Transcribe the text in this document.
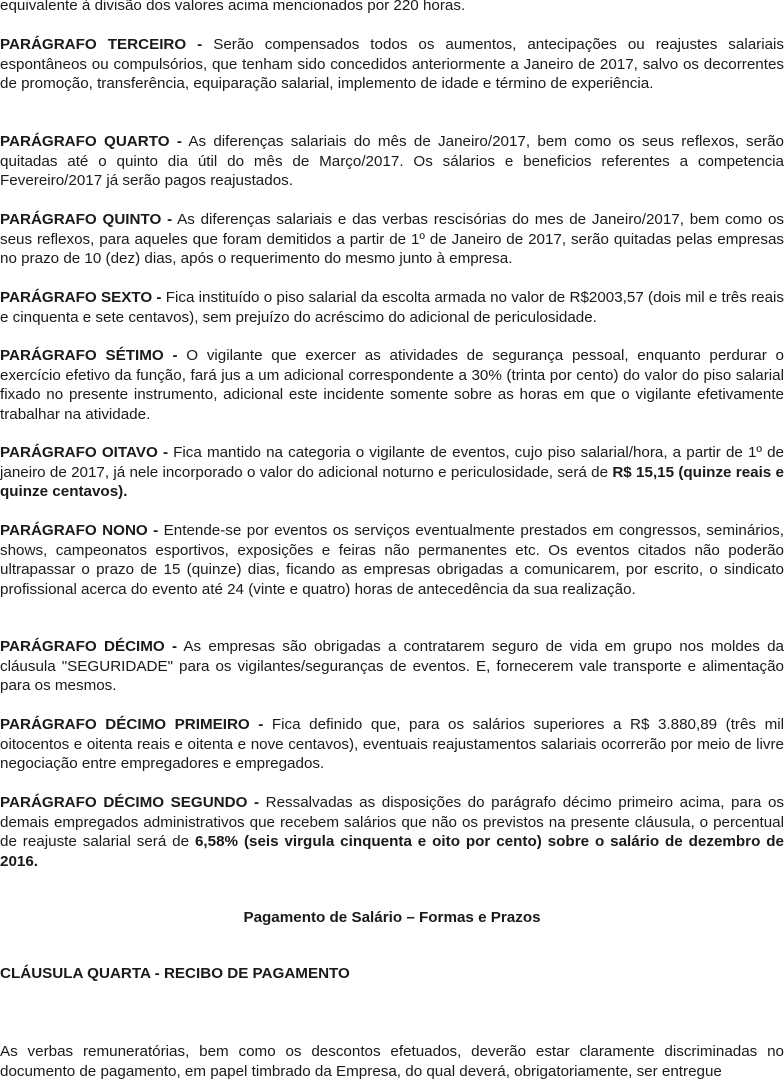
equivalente à divisão dos valores acima mencionados por 220 horas.

PARÁGRAFO TERCEIRO - Serão compensados todos os aumentos, antecipações ou reajustes salariais espontâneos ou compulsórios, que tenham sido concedidos anteriormente a Janeiro de 2017, salvo os decorrentes de promoção, transferência, equiparação salarial, implemento de idade e término de experiência.

PARÁGRAFO QUARTO - As diferenças salariais do mês de Janeiro/2017, bem como os seus reflexos, serão quitadas até o quinto dia útil do mês de Março/2017. Os sálarios e beneficios referentes a competencia Fevereiro/2017 já serão pagos reajustados.

PARÁGRAFO QUINTO - As diferenças salariais e das verbas rescisórias do mes de Janeiro/2017, bem como os seus reflexos, para aqueles que foram demitidos a partir de 1º de Janeiro de 2017, serão quitadas pelas empresas no prazo de 10 (dez) dias, após o requerimento do mesmo junto à empresa.

PARÁGRAFO SEXTO - Fica instituído o piso salarial da escolta armada no valor de R$2003,57 (dois mil e três reais e cinquenta e sete centavos), sem prejuízo do acréscimo do adicional de periculosidade.

PARÁGRAFO SÉTIMO - O vigilante que exercer as atividades de segurança pessoal, enquanto perdurar o exercício efetivo da função, fará jus a um adicional correspondente a 30% (trinta por cento) do valor do piso salarial fixado no presente instrumento, adicional este incidente somente sobre as horas em que o vigilante efetivamente trabalhar na atividade.

PARÁGRAFO OITAVO - Fica mantido na categoria o vigilante de eventos, cujo piso salarial/hora, a partir de 1º de janeiro de 2017, já nele incorporado o valor do adicional noturno e periculosidade, será de R$ 15,15 (quinze reais e quinze centavos).

PARÁGRAFO NONO - Entende-se por eventos os serviços eventualmente prestados em congressos, seminários, shows, campeonatos esportivos, exposições e feiras não permanentes etc. Os eventos citados não poderão ultrapassar o prazo de 15 (quinze) dias, ficando as empresas obrigadas a comunicarem, por escrito, o sindicato profissional acerca do evento até 24 (vinte e quatro) horas de antecedência da sua realização.

PARÁGRAFO DÉCIMO - As empresas são obrigadas a contratarem seguro de vida em grupo nos moldes da cláusula "SEGURIDADE" para os vigilantes/seguranças de eventos. E, fornecerem vale transporte e alimentação para os mesmos.

PARÁGRAFO DÉCIMO PRIMEIRO - Fica definido que, para os salários superiores a R$ 3.880,89 (três mil oitocentos e oitenta reais e oitenta e nove centavos), eventuais reajustamentos salariais ocorrerão por meio de livre negociação entre empregadores e empregados.

PARÁGRAFO DÉCIMO SEGUNDO - Ressalvadas as disposições do parágrafo décimo primeiro acima, para os demais empregados administrativos que recebem salários que não os previstos na presente cláusula, o percentual de reajuste salarial será de 6,58% (seis virgula cinquenta e oito por cento) sobre o salário de dezembro de 2016.

Pagamento de Salário – Formas e Prazos

CLÁUSULA QUARTA - RECIBO DE PAGAMENTO

As verbas remuneratórias, bem como os descontos efetuados, deverão estar claramente discriminadas no documento de pagamento, em papel timbrado da Empresa, do qual deverá, obrigatoriamente, ser entregue
